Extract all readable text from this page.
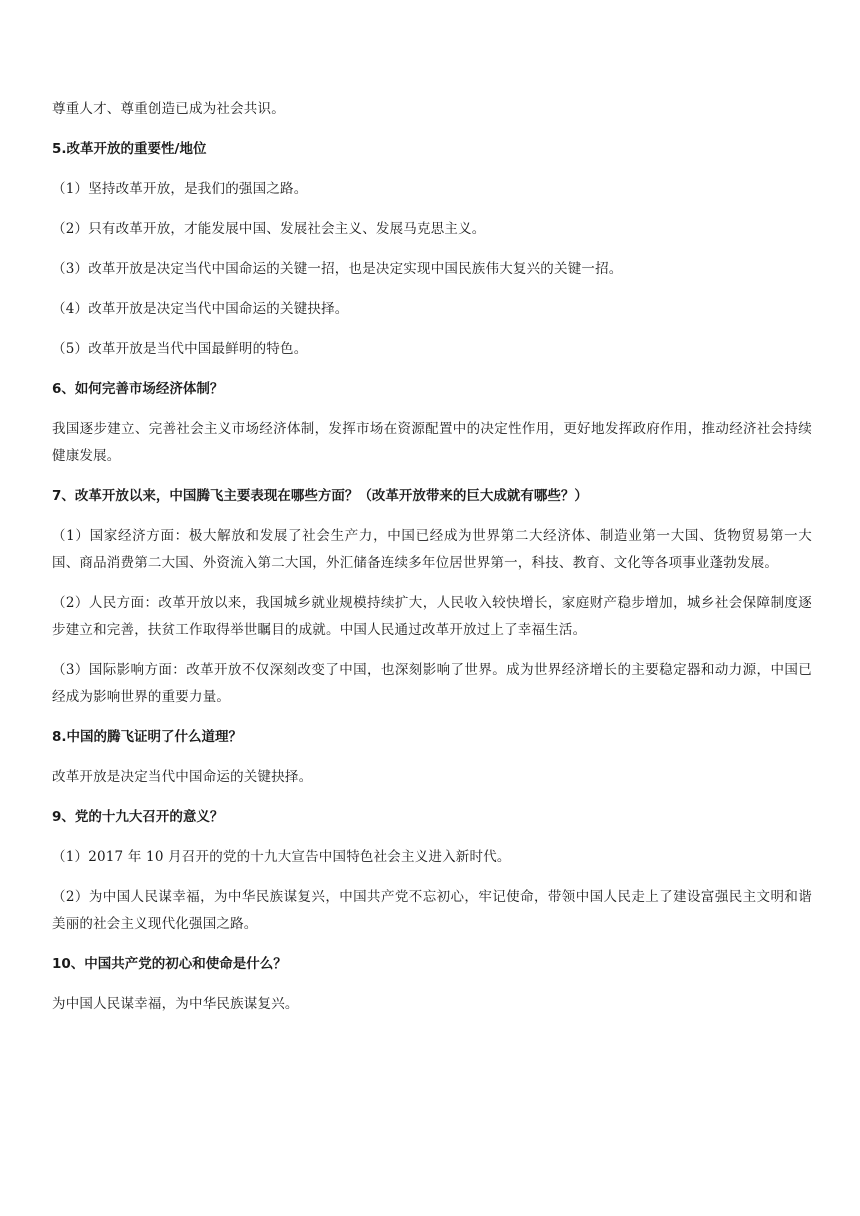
尊重人才、尊重创造已成为社会共识。

5.改革开放的重要性/地位

（1）坚持改革开放，是我们的强国之路。

（2）只有改革开放，才能发展中国、发展社会主义、发展马克思主义。

（3）改革开放是决定当代中国命运的关键一招，也是决定实现中国民族伟大复兴的关键一招。

（4）改革开放是决定当代中国命运的关键抉择。

（5）改革开放是当代中国最鲜明的特色。

6、如何完善市场经济体制？

我国逐步建立、完善社会主义市场经济体制，发挥市场在资源配置中的决定性作用，更好地发挥政府作用，推动经济社会持续 健康发展。

7、改革开放以来，中国腾飞主要表现在哪些方面？（改革开放带来的巨大成就有哪些？）

（1）国家经济方面：极大解放和发展了社会生产力，中国已经成为世界第二大经济体、制造业第一大国、货物贸易第一大国、商品消费第二大国、外资流入第二大国，外汇储备连续多年位居世界第一，科技、教育、文化等各项事业蓬勃发展。

（2）人民方面：改革开放以来，我国城乡就业规模持续扩大，人民收入较快增长，家庭财产稳步增加，城乡社会保障制度逐步建立和完善，扶贫工作取得举世瞩目的成就。中国人民通过改革开放过上了幸福生活。

（3）国际影响方面：改革开放不仅深刻改变了中国，也深刻影响了世界。成为世界经济增长的主要稳定器和动力源，中国已经成为影响世界的重要力量。

8.中国的腾飞证明了什么道理？

改革开放是决定当代中国命运的关键抉择。

9、党的十九大召开的意义？

（1）2017 年 10 月召开的党的十九大宣告中国特色社会主义进入新时代。

（2）为中国人民谋幸福，为中华民族谋复兴，中国共产党不忘初心，牢记使命，带领中国人民走上了建设富强民主文明和谐美丽的社会主义现代化强国之路。

10、中国共产党的初心和使命是什么？

为中国人民谋幸福，为中华民族谋复兴。
